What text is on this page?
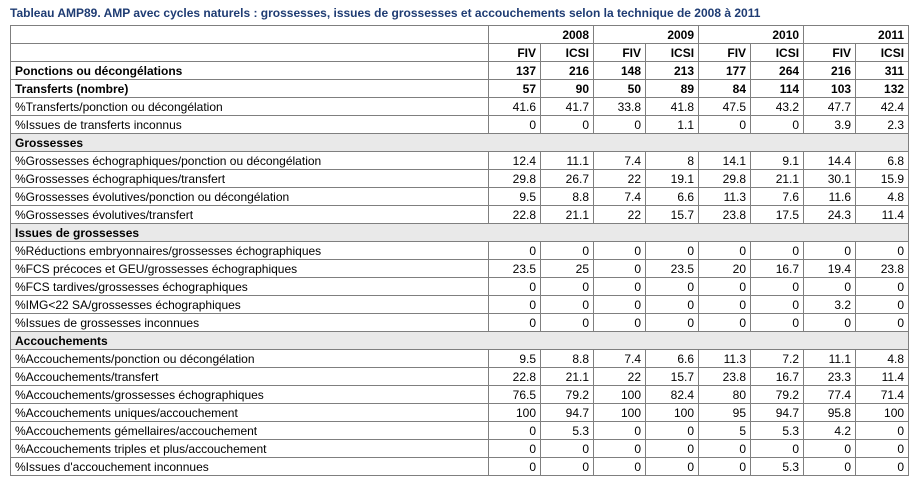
Tableau AMP89. AMP avec cycles naturels : grossesses, issues de grossesses et accouchements selon la technique de 2008 à 2011
	2008		2009		2010		2011	
	FIV	ICSI	FIV	ICSI	FIV	ICSI	FIV	ICSI
Ponctions ou décongélations	137	216	148	213	177	264	216	311
Transferts (nombre)	57	90	50	89	84	114	103	132
%Transferts/ponction ou décongélation	41.6	41.7	33.8	41.8	47.5	43.2	47.7	42.4
%Issues de transferts inconnus	0	0	0	1.1	0	0	3.9	2.3
Grossesses								
%Grossesses échographiques/ponction ou décongélation	12.4	11.1	7.4	8	14.1	9.1	14.4	6.8
%Grossesses échographiques/transfert	29.8	26.7	22	19.1	29.8	21.1	30.1	15.9
%Grossesses évolutives/ponction ou décongélation	9.5	8.8	7.4	6.6	11.3	7.6	11.6	4.8
%Grossesses évolutives/transfert	22.8	21.1	22	15.7	23.8	17.5	24.3	11.4
Issues de grossesses								
%Réductions embryonnaires/grossesses échographiques	0	0	0	0	0	0	0	0
%FCS précoces et GEU/grossesses échographiques	23.5	25	0	23.5	20	16.7	19.4	23.8
%FCS tardives/grossesses échographiques	0	0	0	0	0	0	0	0
%IMG<22 SA/grossesses échographiques	0	0	0	0	0	0	3.2	0
%Issues de grossesses inconnues	0	0	0	0	0	0	0	0
Accouchements								
%Accouchements/ponction ou décongélation	9.5	8.8	7.4	6.6	11.3	7.2	11.1	4.8
%Accouchements/transfert	22.8	21.1	22	15.7	23.8	16.7	23.3	11.4
%Accouchements/grossesses échographiques	76.5	79.2	100	82.4	80	79.2	77.4	71.4
%Accouchements uniques/accouchement	100	94.7	100	100	95	94.7	95.8	100
%Accouchements gémellaires/accouchement	0	5.3	0	0	5	5.3	4.2	0
%Accouchements triples et plus/accouchement	0	0	0	0	0	0	0	0
%Issues d'accouchement inconnues	0	0	0	0	0	5.3	0	0
